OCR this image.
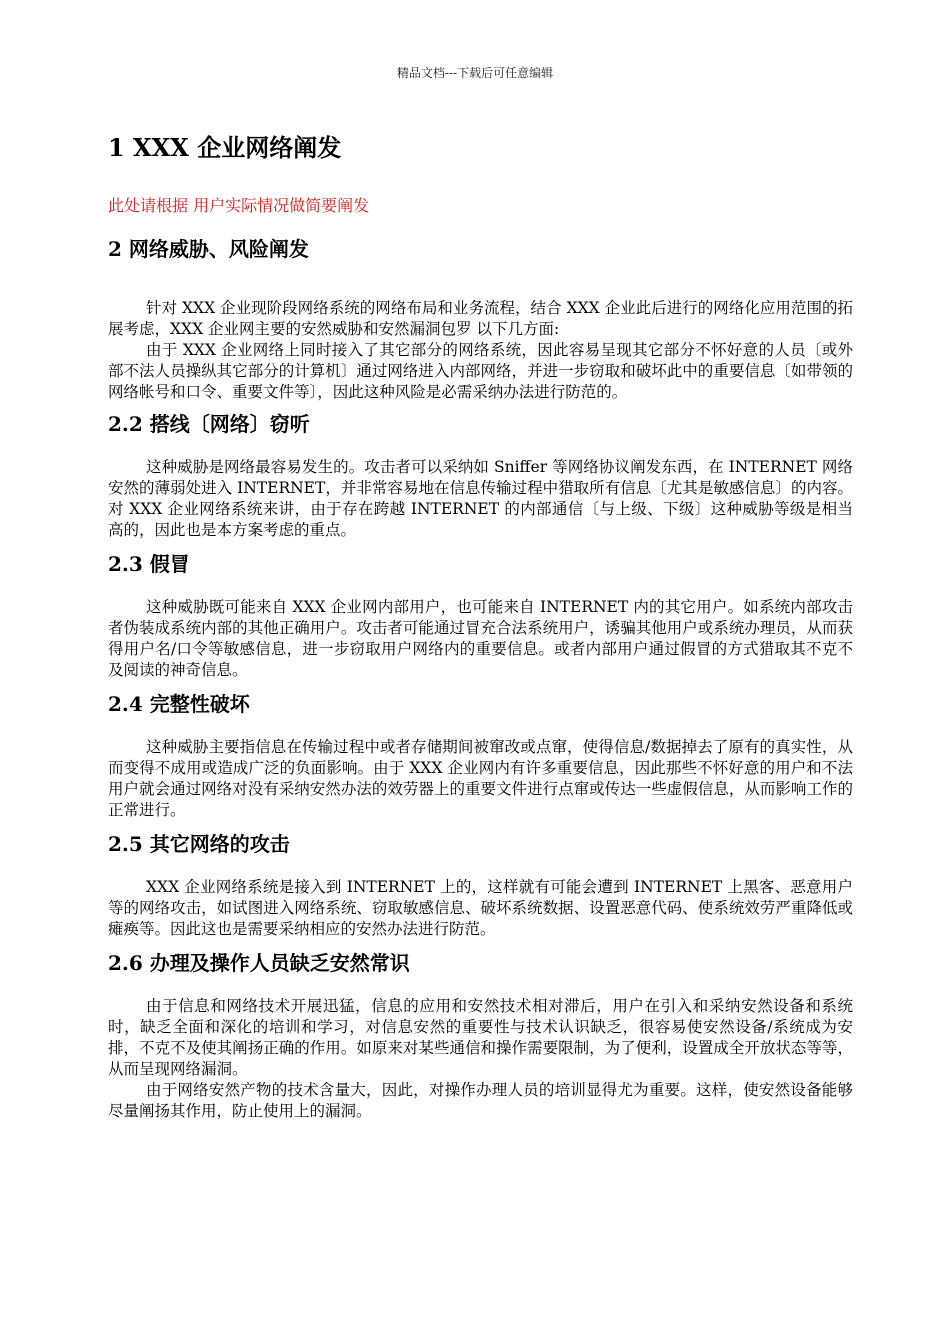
精品文档---下载后可任意编辑
1 XXX 企业网络阐发
此处请根据 用户实际情况做简要阐发
2 网络威胁、风险阐发

针对 XXX 企业现阶段网络系统的网络布局和业务流程，结合 XXX 企业此后进行的网络化应用范围的拓展考虑，XXX 企业网主要的安然威胁和安然漏洞包罗 以下几方面:

由于 XXX 企业网络上同时接入了其它部分的网络系统，因此容易呈现其它部分不怀好意的人员〔或外部不法人员操纵其它部分的计算机〕通过网络进入内部网络，并进一步窃取和破坏此中的重要信息〔如带领的网络帐号和口令、重要文件等〕，因此这种风险是必需采纳办法进行防范的。

2.2 搭线〔网络〕窃听

这种威胁是网络最容易发生的。攻击者可以采纳如 Sniffer 等网络协议阐发东西，在 INTERNET 网络安然的薄弱处进入 INTERNET，并非常容易地在信息传输过程中猎取所有信息〔尤其是敏感信息〕的内容。对 XXX 企业网络系统来讲，由于存在跨越 INTERNET 的内部通信〔与上级、下级〕这种威胁等级是相当高的，因此也是本方案考虑的重点。

2.3 假冒

这种威胁既可能来自 XXX 企业网内部用户，也可能来自 INTERNET 内的其它用户。如系统内部攻击者伪装成系统内部的其他正确用户。攻击者可能通过冒充合法系统用户，诱骗其他用户或系统办理员，从而获得用户名/口令等敏感信息，进一步窃取用户网络内的重要信息。或者内部用户通过假冒的方式猎取其不克不及阅读的神奇信息。

2.4 完整性破坏

这种威胁主要指信息在传输过程中或者存储期间被窜改或点窜，使得信息/数据掉去了原有的真实性，从而变得不成用或造成广泛的负面影响。由于 XXX 企业网内有许多重要信息，因此那些不怀好意的用户和不法用户就会通过网络对没有采纳安然办法的效劳器上的重要文件进行点窜或传达一些虚假信息，从而影响工作的正常进行。

2.5 其它网络的攻击

XXX 企业网络系统是接入到 INTERNET 上的，这样就有可能会遭到 INTERNET 上黑客、恶意用户等的网络攻击，如试图进入网络系统、窃取敏感信息、破坏系统数据、设置恶意代码、使系统效劳严重降低或瘫痪等。因此这也是需要采纳相应的安然办法进行防范。

2.6 办理及操作人员缺乏安然常识

由于信息和网络技术开展迅猛，信息的应用和安然技术相对滞后，用户在引入和采纳安然设备和系统时，缺乏全面和深化的培训和学习，对信息安然的重要性与技术认识缺乏，很容易使安然设备/系统成为安排，不克不及使其阐扬正确的作用。如原来对某些通信和操作需要限制，为了便利，设置成全开放状态等等，从而呈现网络漏洞。

由于网络安然产物的技术含量大，因此，对操作办理人员的培训显得尤为重要。这样，使安然设备能够尽量阐扬其作用，防止使用上的漏洞。
